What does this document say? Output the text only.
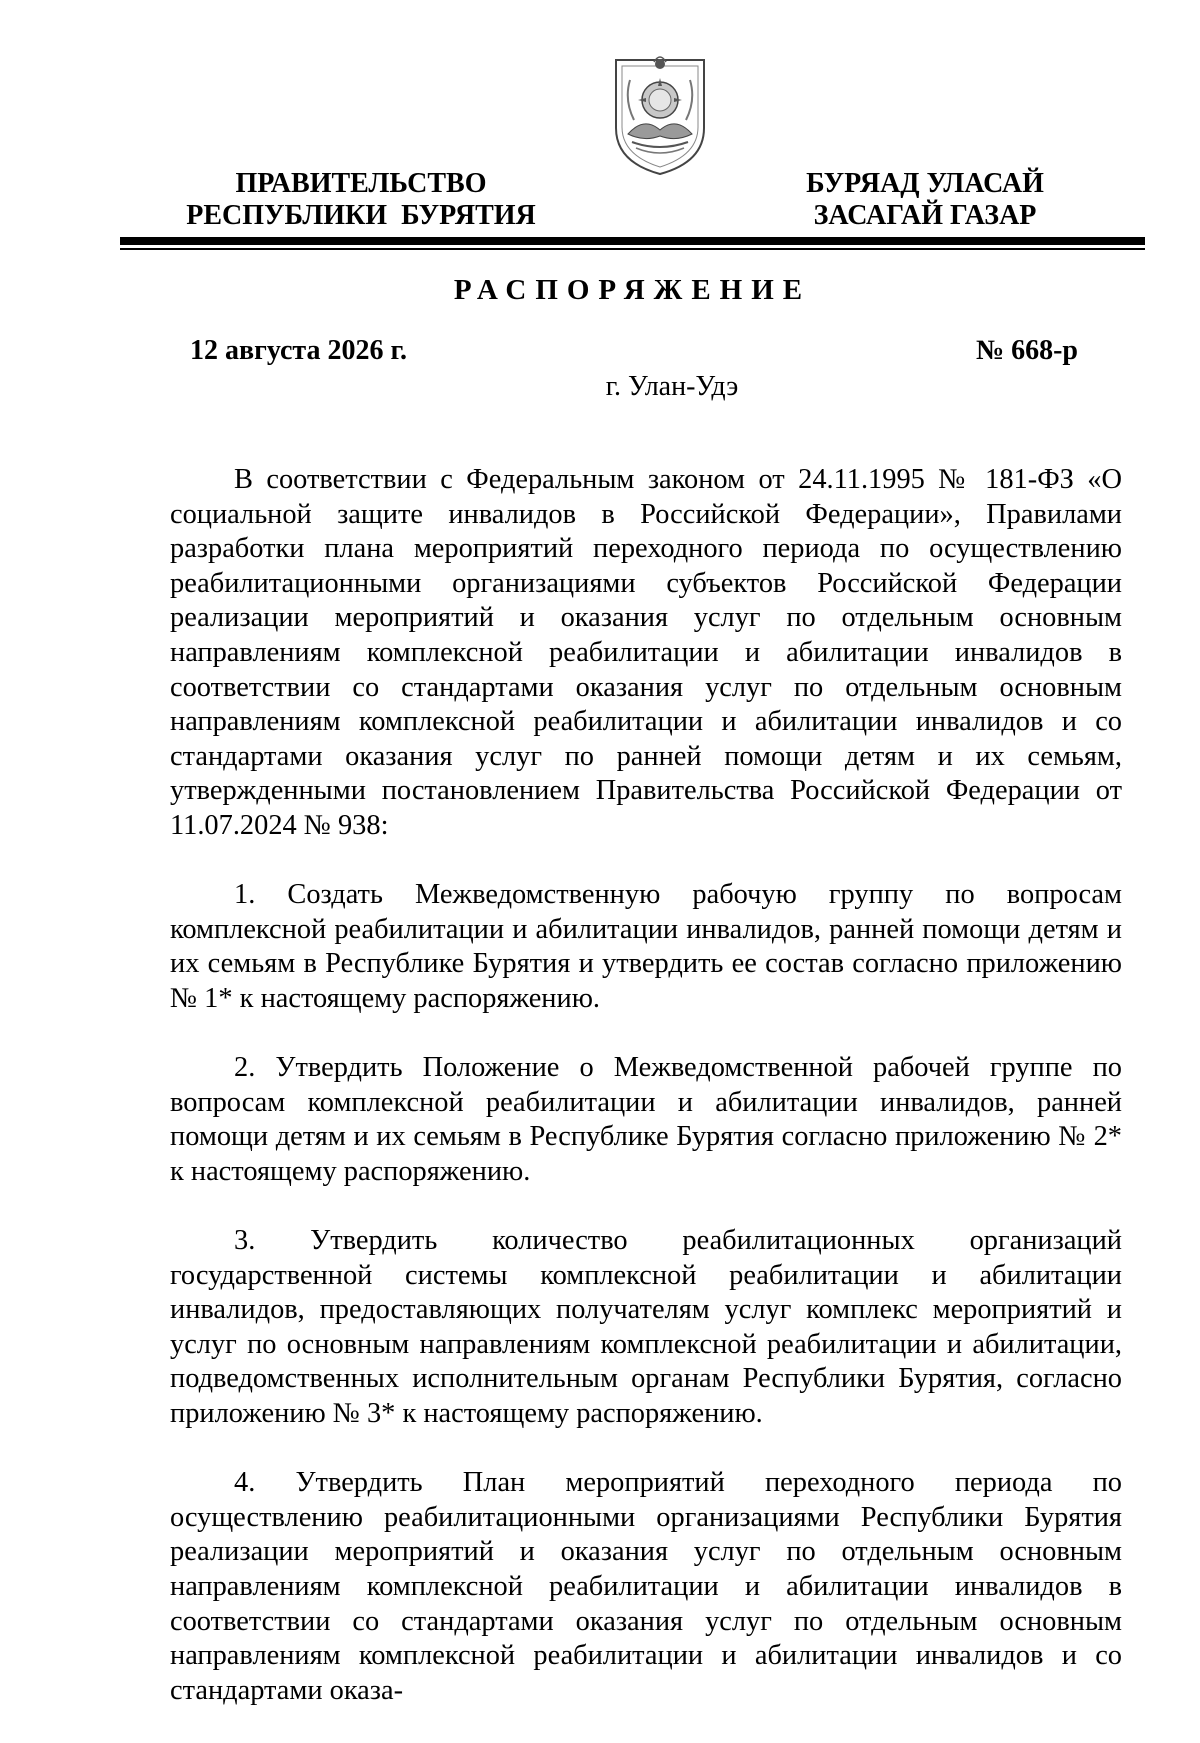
ПРАВИТЕЛЬСТВО
РЕСПУБЛИКИ  БУРЯТИЯ
БУРЯАД УЛАСАЙ
ЗАСАГАЙ ГАЗАР
РАСПОРЯЖЕНИЕ
12 августа 2026 г.	№ 668-р
г. Улан-Удэ

В соответствии с Федеральным законом от 24.11.1995 № 181-ФЗ «О социальной защите инвалидов в Российской Федерации», Правилами разработки плана мероприятий переходного периода по осуществлению реабилитационными организациями субъектов Российской Федерации реализации мероприятий и оказания услуг по отдельным основным направлениям комплексной реабилитации и абилитации инвалидов в соответствии со стандартами оказания услуг по отдельным основным направлениям комплексной реабилитации и абилитации инвалидов и со стандартами оказания услуг по ранней помощи детям и их семьям, утвержденными постановлением Правительства Российской Федерации от 11.07.2024 № 938:

1. Создать Межведомственную рабочую группу по вопросам комплексной реабилитации и абилитации инвалидов, ранней помощи детям и их семьям в Республике Бурятия и утвердить ее состав согласно приложению № 1* к настоящему распоряжению.

2. Утвердить Положение о Межведомственной рабочей группе по вопросам комплексной реабилитации и абилитации инвалидов, ранней помощи детям и их семьям в Республике Бурятия согласно приложению № 2* к настоящему распоряжению.

3. Утвердить количество реабилитационных организаций государственной системы комплексной реабилитации и абилитации инвалидов, предоставляющих получателям услуг комплекс мероприятий и услуг по основным направлениям комплексной реабилитации и абилитации, подведомственных исполнительным органам Республики Бурятия, согласно приложению № 3* к настоящему распоряжению.

4. Утвердить План мероприятий переходного периода по осуществлению реабилитационными организациями Республики Бурятия реализации мероприятий и оказания услуг по отдельным основным направлениям комплексной реабилитации и абилитации инвалидов в соответствии со стандартами оказания услуг по отдельным основным направлениям комплексной реабилитации и абилитации инвалидов и со стандартами оказа-
